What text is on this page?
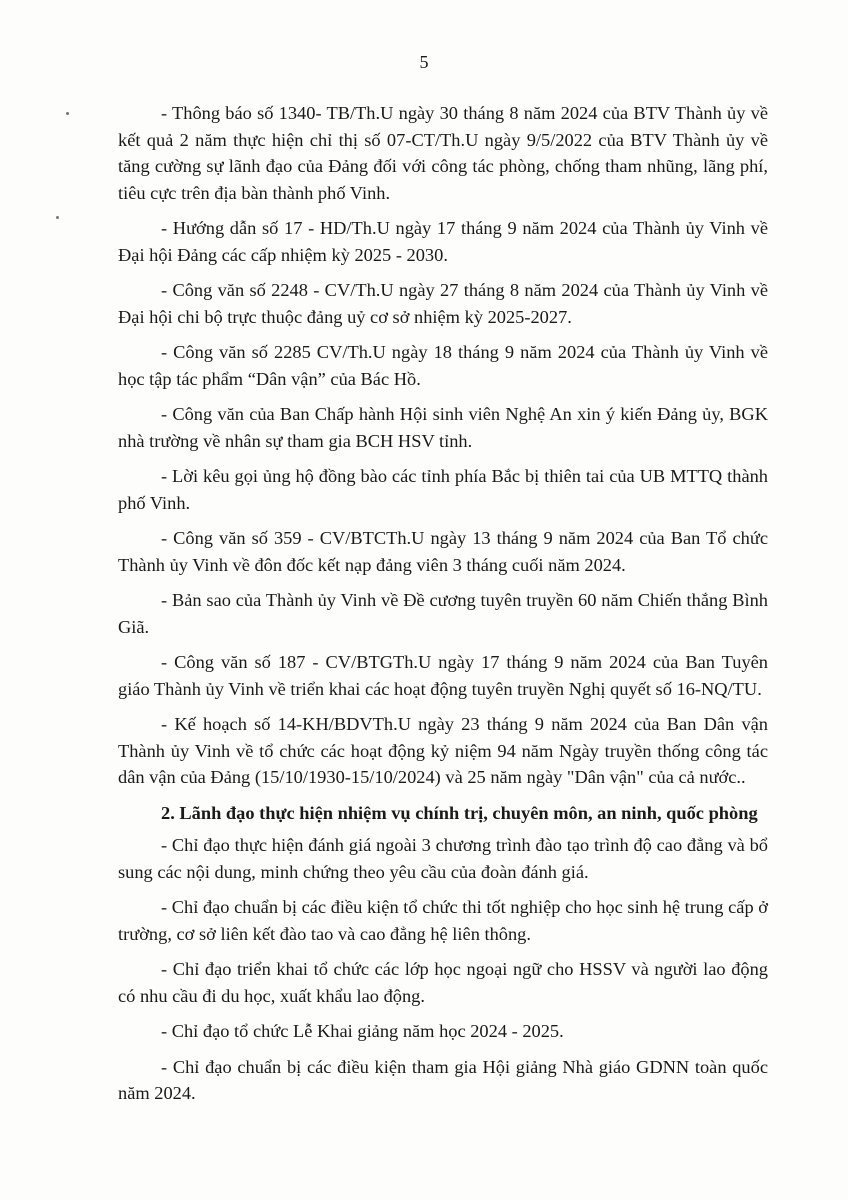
5

- Thông báo số 1340- TB/Th.U ngày 30 tháng 8 năm 2024 của BTV Thành ủy về kết quả 2 năm thực hiện chỉ thị số 07-CT/Th.U ngày 9/5/2022 của BTV Thành ủy về tăng cường sự lãnh đạo của Đảng đối với công tác phòng, chống tham nhũng, lãng phí, tiêu cực trên địa bàn thành phố Vinh.

- Hướng dẫn số 17 - HD/Th.U ngày 17 tháng 9 năm 2024 của Thành ủy Vinh về Đại hội Đảng các cấp nhiệm kỳ 2025 - 2030.

- Công văn số 2248 - CV/Th.U ngày 27 tháng 8 năm 2024 của Thành ủy Vinh về Đại hội chi bộ trực thuộc đảng uỷ cơ sở nhiệm kỳ 2025-2027.

- Công văn số 2285 CV/Th.U ngày 18 tháng 9 năm 2024 của Thành ủy Vinh về học tập tác phẩm “Dân vận” của Bác Hồ.

- Công văn của Ban Chấp hành Hội sinh viên Nghệ An xin ý kiến Đảng ủy, BGK nhà trường về nhân sự tham gia BCH HSV tỉnh.

- Lời kêu gọi ủng hộ đồng bào các tỉnh phía Bắc bị thiên tai của UB MTTQ thành phố Vinh.

- Công văn số 359 - CV/BTCTh.U ngày 13 tháng 9 năm 2024 của Ban Tổ chức Thành ủy Vinh về đôn đốc kết nạp đảng viên 3 tháng cuối năm 2024.

- Bản sao của Thành ủy Vinh về Đề cương tuyên truyền 60 năm Chiến thắng Bình Giã.

- Công văn số 187 - CV/BTGTh.U ngày 17 tháng 9 năm 2024 của Ban Tuyên giáo Thành ủy Vinh về triển khai các hoạt động tuyên truyền Nghị quyết số 16-NQ/TU.

- Kế hoạch số 14-KH/BDVTh.U ngày 23 tháng 9 năm 2024 của Ban Dân vận Thành ủy Vinh về tổ chức các hoạt động kỷ niệm 94 năm Ngày truyền thống công tác dân vận của Đảng (15/10/1930-15/10/2024) và 25 năm ngày "Dân vận" của cả nước..

2. Lãnh đạo thực hiện nhiệm vụ chính trị, chuyên môn, an ninh, quốc phòng

- Chỉ đạo thực hiện đánh giá ngoài 3 chương trình đào tạo trình độ cao đẳng và bổ sung các nội dung, minh chứng theo yêu cầu của đoàn đánh giá.

- Chỉ đạo chuẩn bị các điều kiện tổ chức thi tốt nghiệp cho học sinh hệ trung cấp ở trường, cơ sở liên kết đào tao và cao đẳng hệ liên thông.

- Chỉ đạo triển khai tổ chức các lớp học ngoại ngữ cho HSSV và người lao động có nhu cầu đi du học, xuất khẩu lao động.

- Chỉ đạo tổ chức Lễ Khai giảng năm học 2024 - 2025.

- Chỉ đạo chuẩn bị các điều kiện tham gia Hội giảng Nhà giáo GDNN toàn quốc năm 2024.
